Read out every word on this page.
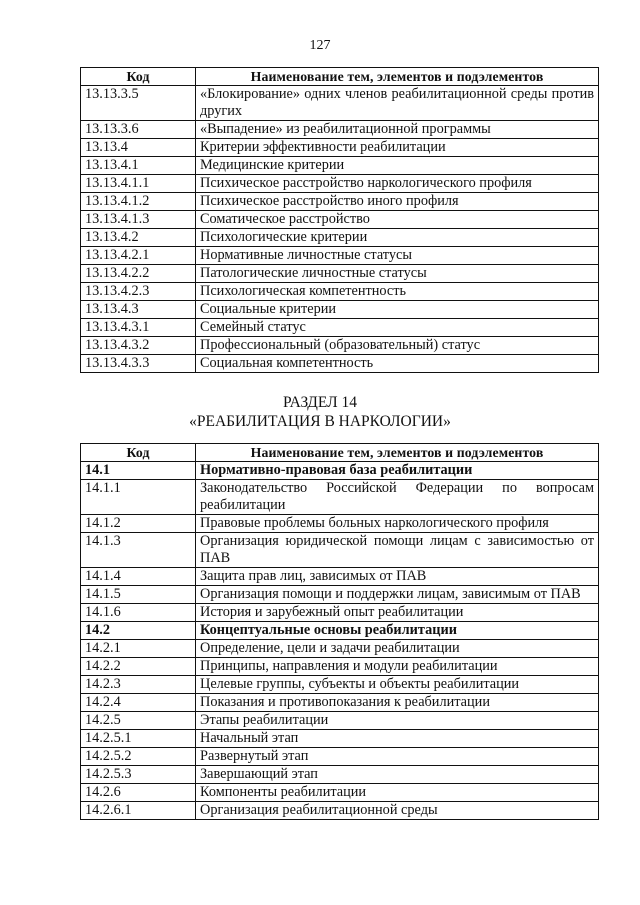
127
Код	Наименование тем, элементов и подэлементов
13.13.3.5	«Блокирование» одних членов реабилитационной среды против других
13.13.3.6	«Выпадение» из реабилитационной программы
13.13.4	Критерии эффективности реабилитации
13.13.4.1	Медицинские критерии
13.13.4.1.1	Психическое расстройство наркологического профиля
13.13.4.1.2	Психическое расстройство иного профиля
13.13.4.1.3	Соматическое расстройство
13.13.4.2	Психологические критерии
13.13.4.2.1	Нормативные личностные статусы
13.13.4.2.2	Патологические личностные статусы
13.13.4.2.3	Психологическая компетентность
13.13.4.3	Социальные критерии
13.13.4.3.1	Семейный статус
13.13.4.3.2	Профессиональный (образовательный) статус
13.13.4.3.3	Социальная компетентность
РАЗДЕЛ 14
«РЕАБИЛИТАЦИЯ В НАРКОЛОГИИ»
Код	Наименование тем, элементов и подэлементов
14.1	Нормативно-правовая база реабилитации
14.1.1	Законодательство Российской Федерации по вопросам реабилитации
14.1.2	Правовые проблемы больных наркологического профиля
14.1.3	Организация юридической помощи лицам с зависимостью от ПАВ
14.1.4	Защита прав лиц, зависимых от ПАВ
14.1.5	Организация помощи и поддержки лицам, зависимым от ПАВ
14.1.6	История и зарубежный опыт реабилитации
14.2	Концептуальные основы реабилитации
14.2.1	Определение, цели и задачи реабилитации
14.2.2	Принципы, направления и модули реабилитации
14.2.3	Целевые группы, субъекты и объекты реабилитации
14.2.4	Показания и противопоказания к реабилитации
14.2.5	Этапы реабилитации
14.2.5.1	Начальный этап
14.2.5.2	Развернутый этап
14.2.5.3	Завершающий этап
14.2.6	Компоненты реабилитации
14.2.6.1	Организация реабилитационной среды
